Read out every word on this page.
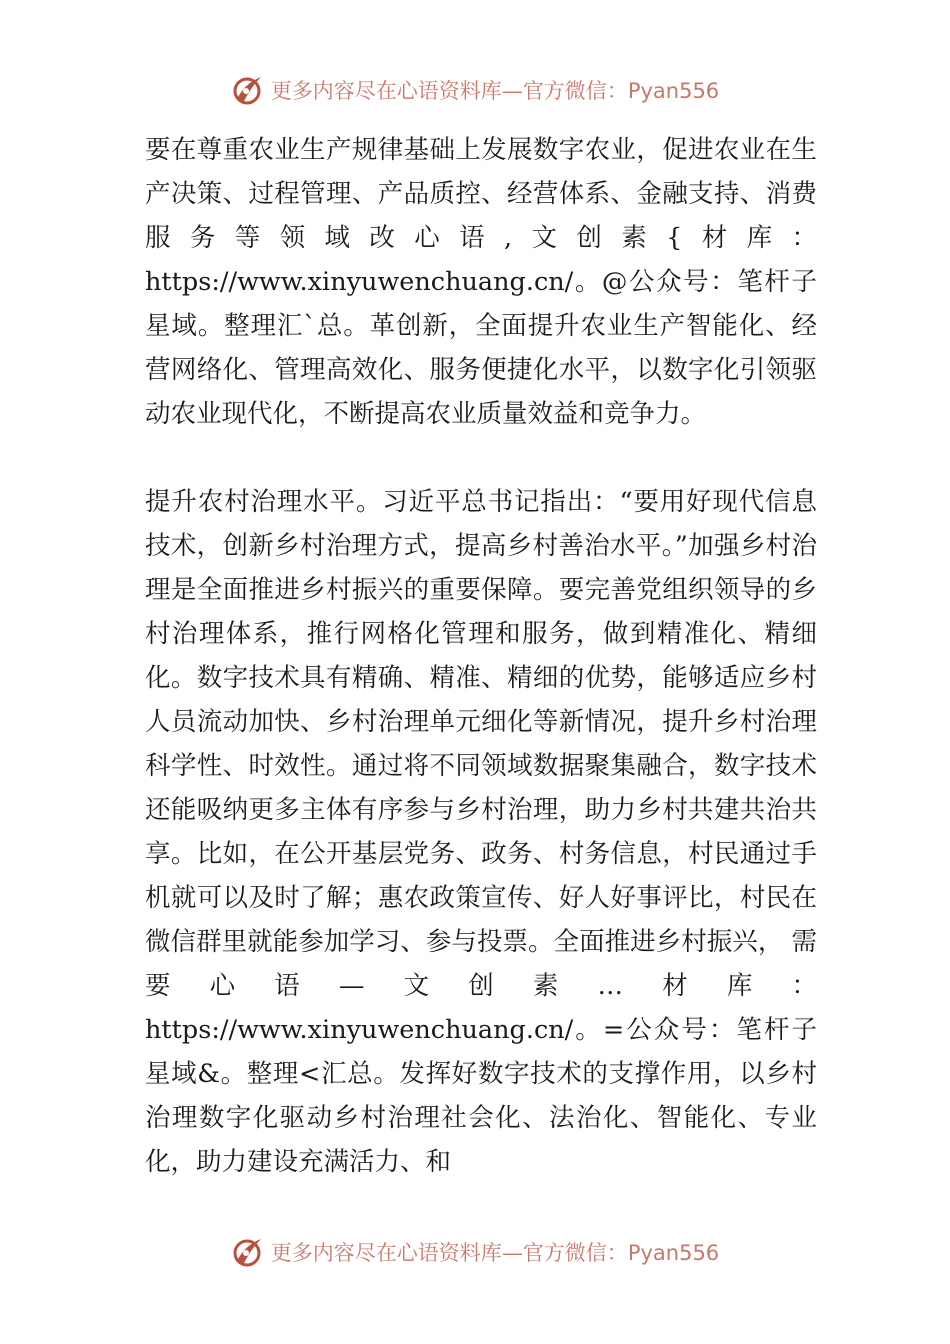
更多内容尽在心语资料库—官方微信：Pyan556

要在尊重农业生产规律基础上发展数字农业，促进农业在生产决策、过程管理、产品质控、经营体系、金融支持、消费服务等领域改心语,文创素{材库：https://www.xinyuwenchuang.cn/。@公众号：笔杆子星域。整理汇`总。革创新，全面提升农业生产智能化、经营网络化、管理高效化、服务便捷化水平，以数字化引领驱动农业现代化，不断提高农业质量效益和竞争力。

提升农村治理水平。习近平总书记指出：“要用好现代信息技术，创新乡村治理方式，提高乡村善治水平。”加强乡村治理是全面推进乡村振兴的重要保障。要完善党组织领导的乡村治理体系，推行网格化管理和服务，做到精准化、精细化。数字技术具有精确、精准、精细的优势，能够适应乡村人员流动加快、乡村治理单元细化等新情况，提升乡村治理科学性、时效性。通过将不同领域数据聚集融合，数字技术还能吸纳更多主体有序参与乡村治理，助力乡村共建共治共享。比如，在公开基层党务、政务、村务信息，村民通过手机就可以及时了解；惠农政策宣传、好人好事评比，村民在微信群里就能参加学习、参与投票。全面推进乡村振兴， 需要心语—文创素…材库：https://www.xinyuwenchuang.cn/。=公众号：笔杆子星域&。整理<汇总。发挥好数字技术的支撑作用，以乡村治理数字化驱动乡村治理社会化、法治化、智能化、专业化，助力建设充满活力、和

更多内容尽在心语资料库—官方微信：Pyan556
